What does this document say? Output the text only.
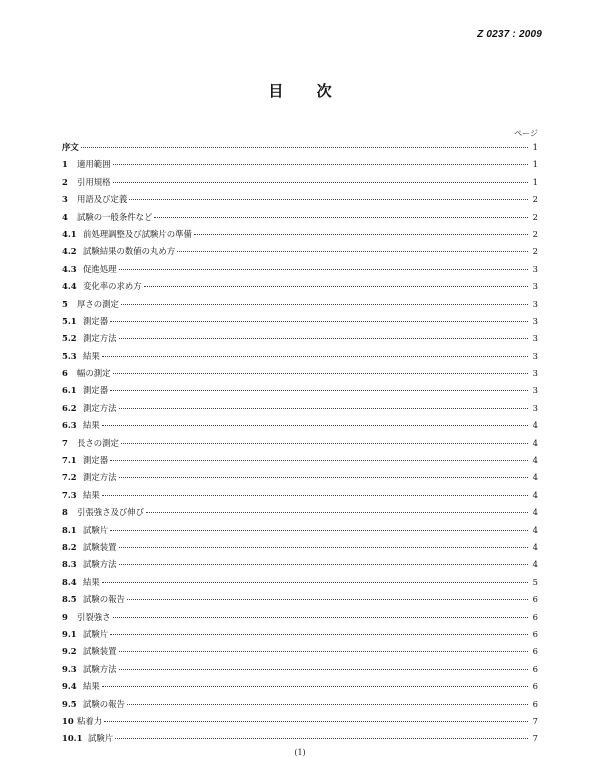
Z 0237 : 2009
目 次
ページ
序文	1
1	適用範囲	1
2	引用規格	1
3	用語及び定義	2
4	試験の一般条件など	2
4.1 前処理調整及び試験片の準備	2
4.2 試験結果の数値の丸め方	2
4.3 促進処理	3
4.4 変化率の求め方	3
5	厚さの測定	3
5.1 測定器	3
5.2 測定方法	3
5.3 結果	3
6	幅の測定	3
6.1 測定器	3
6.2 測定方法	3
6.3 結果	4
7	長さの測定	4
7.1 測定器	4
7.2 測定方法	4
7.3 結果	4
8	引張強さ及び伸び	4
8.1 試験片	4
8.2 試験装置	4
8.3 試験方法	4
8.4 結果	5
8.5 試験の報告	6
9	引裂強さ	6
9.1 試験片	6
9.2 試験装置	6
9.3 試験方法	6
9.4 結果	6
9.5 試験の報告	6
10 粘着力	7
10.1 試験片	7
(1)
